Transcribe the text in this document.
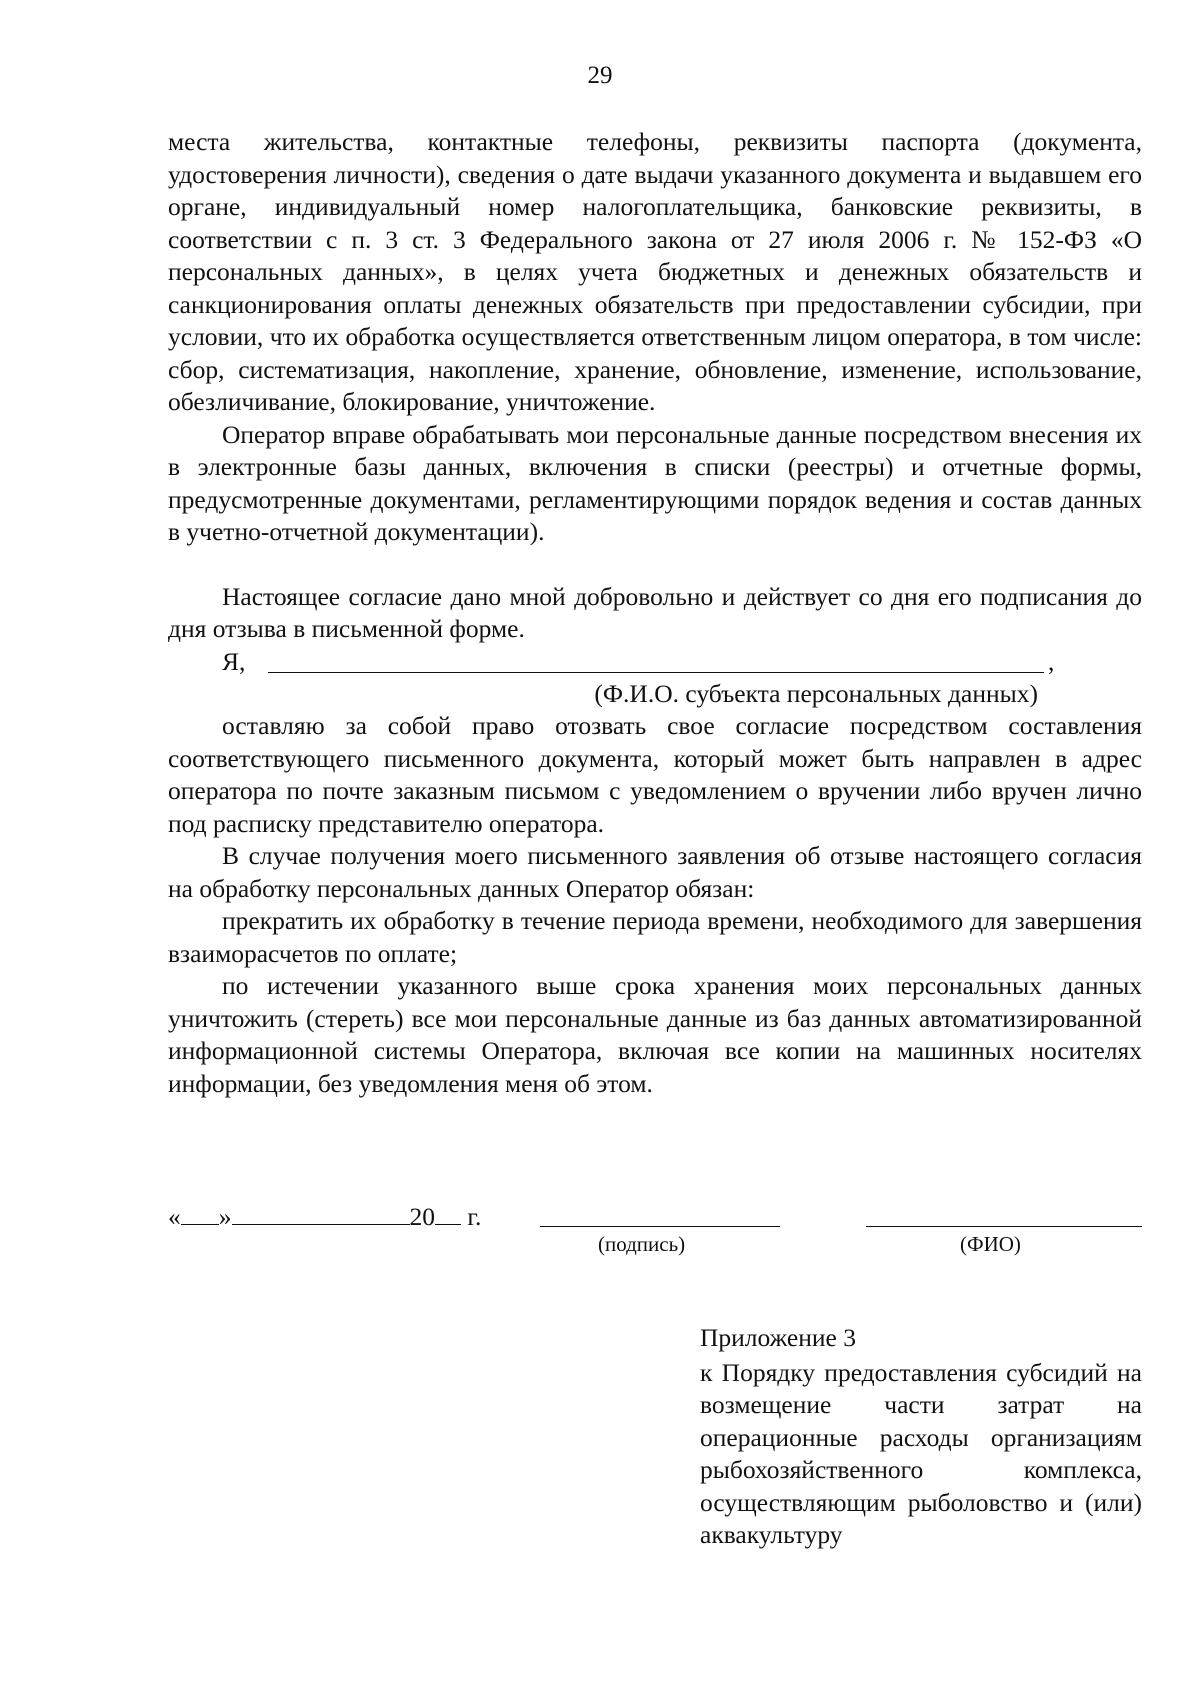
29

места жительства, контактные телефоны, реквизиты паспорта (документа, удостоверения личности), сведения о дате выдачи указанного документа и выдавшем его органе, индивидуальный номер налогоплательщика, банковские реквизиты, в соответствии с п. 3 ст. 3 Федерального закона от 27 июля 2006 г. № 152-ФЗ «О персональных данных», в целях учета бюджетных и денежных обязательств и санкционирования оплаты денежных обязательств при предоставлении субсидии, при условии, что их обработка осуществляется ответственным лицом оператора, в том числе: сбор, систематизация, накопление, хранение, обновление, изменение, использование, обезличивание, блокирование, уничтожение.

Оператор вправе обрабатывать мои персональные данные посредством внесения их в электронные базы данных, включения в списки (реестры) и отчетные формы, предусмотренные документами, регламентирующими порядок ведения и состав данных в учетно-отчетной документации).

Настоящее согласие дано мной добровольно и действует со дня его подписания до дня отзыва в письменной форме.

Я,	,

(Ф.И.О. субъекта персональных данных)

оставляю за собой право отозвать свое согласие посредством составления соответствующего письменного документа, который может быть направлен в адрес оператора по почте заказным письмом с уведомлением о вручении либо вручен лично под расписку представителю оператора.

В случае получения моего письменного заявления об отзыве настоящего согласия на обработку персональных данных Оператор обязан:

прекратить их обработку в течение периода времени, необходимого для завершения взаиморасчетов по оплате;

по истечении указанного выше срока хранения моих персональных данных уничтожить (стереть) все мои персональные данные из баз данных автоматизированной информационной системы Оператора, включая все копии на машинных носителях информации, без уведомления меня об этом.

« »	20 г.
(подпись)	(ФИО)

Приложение 3

к Порядку предоставления субсидий на возмещение части затрат на операционные расходы организациям рыбохозяйственного комплекса, осуществляющим рыболовство и (или) аквакультуру
